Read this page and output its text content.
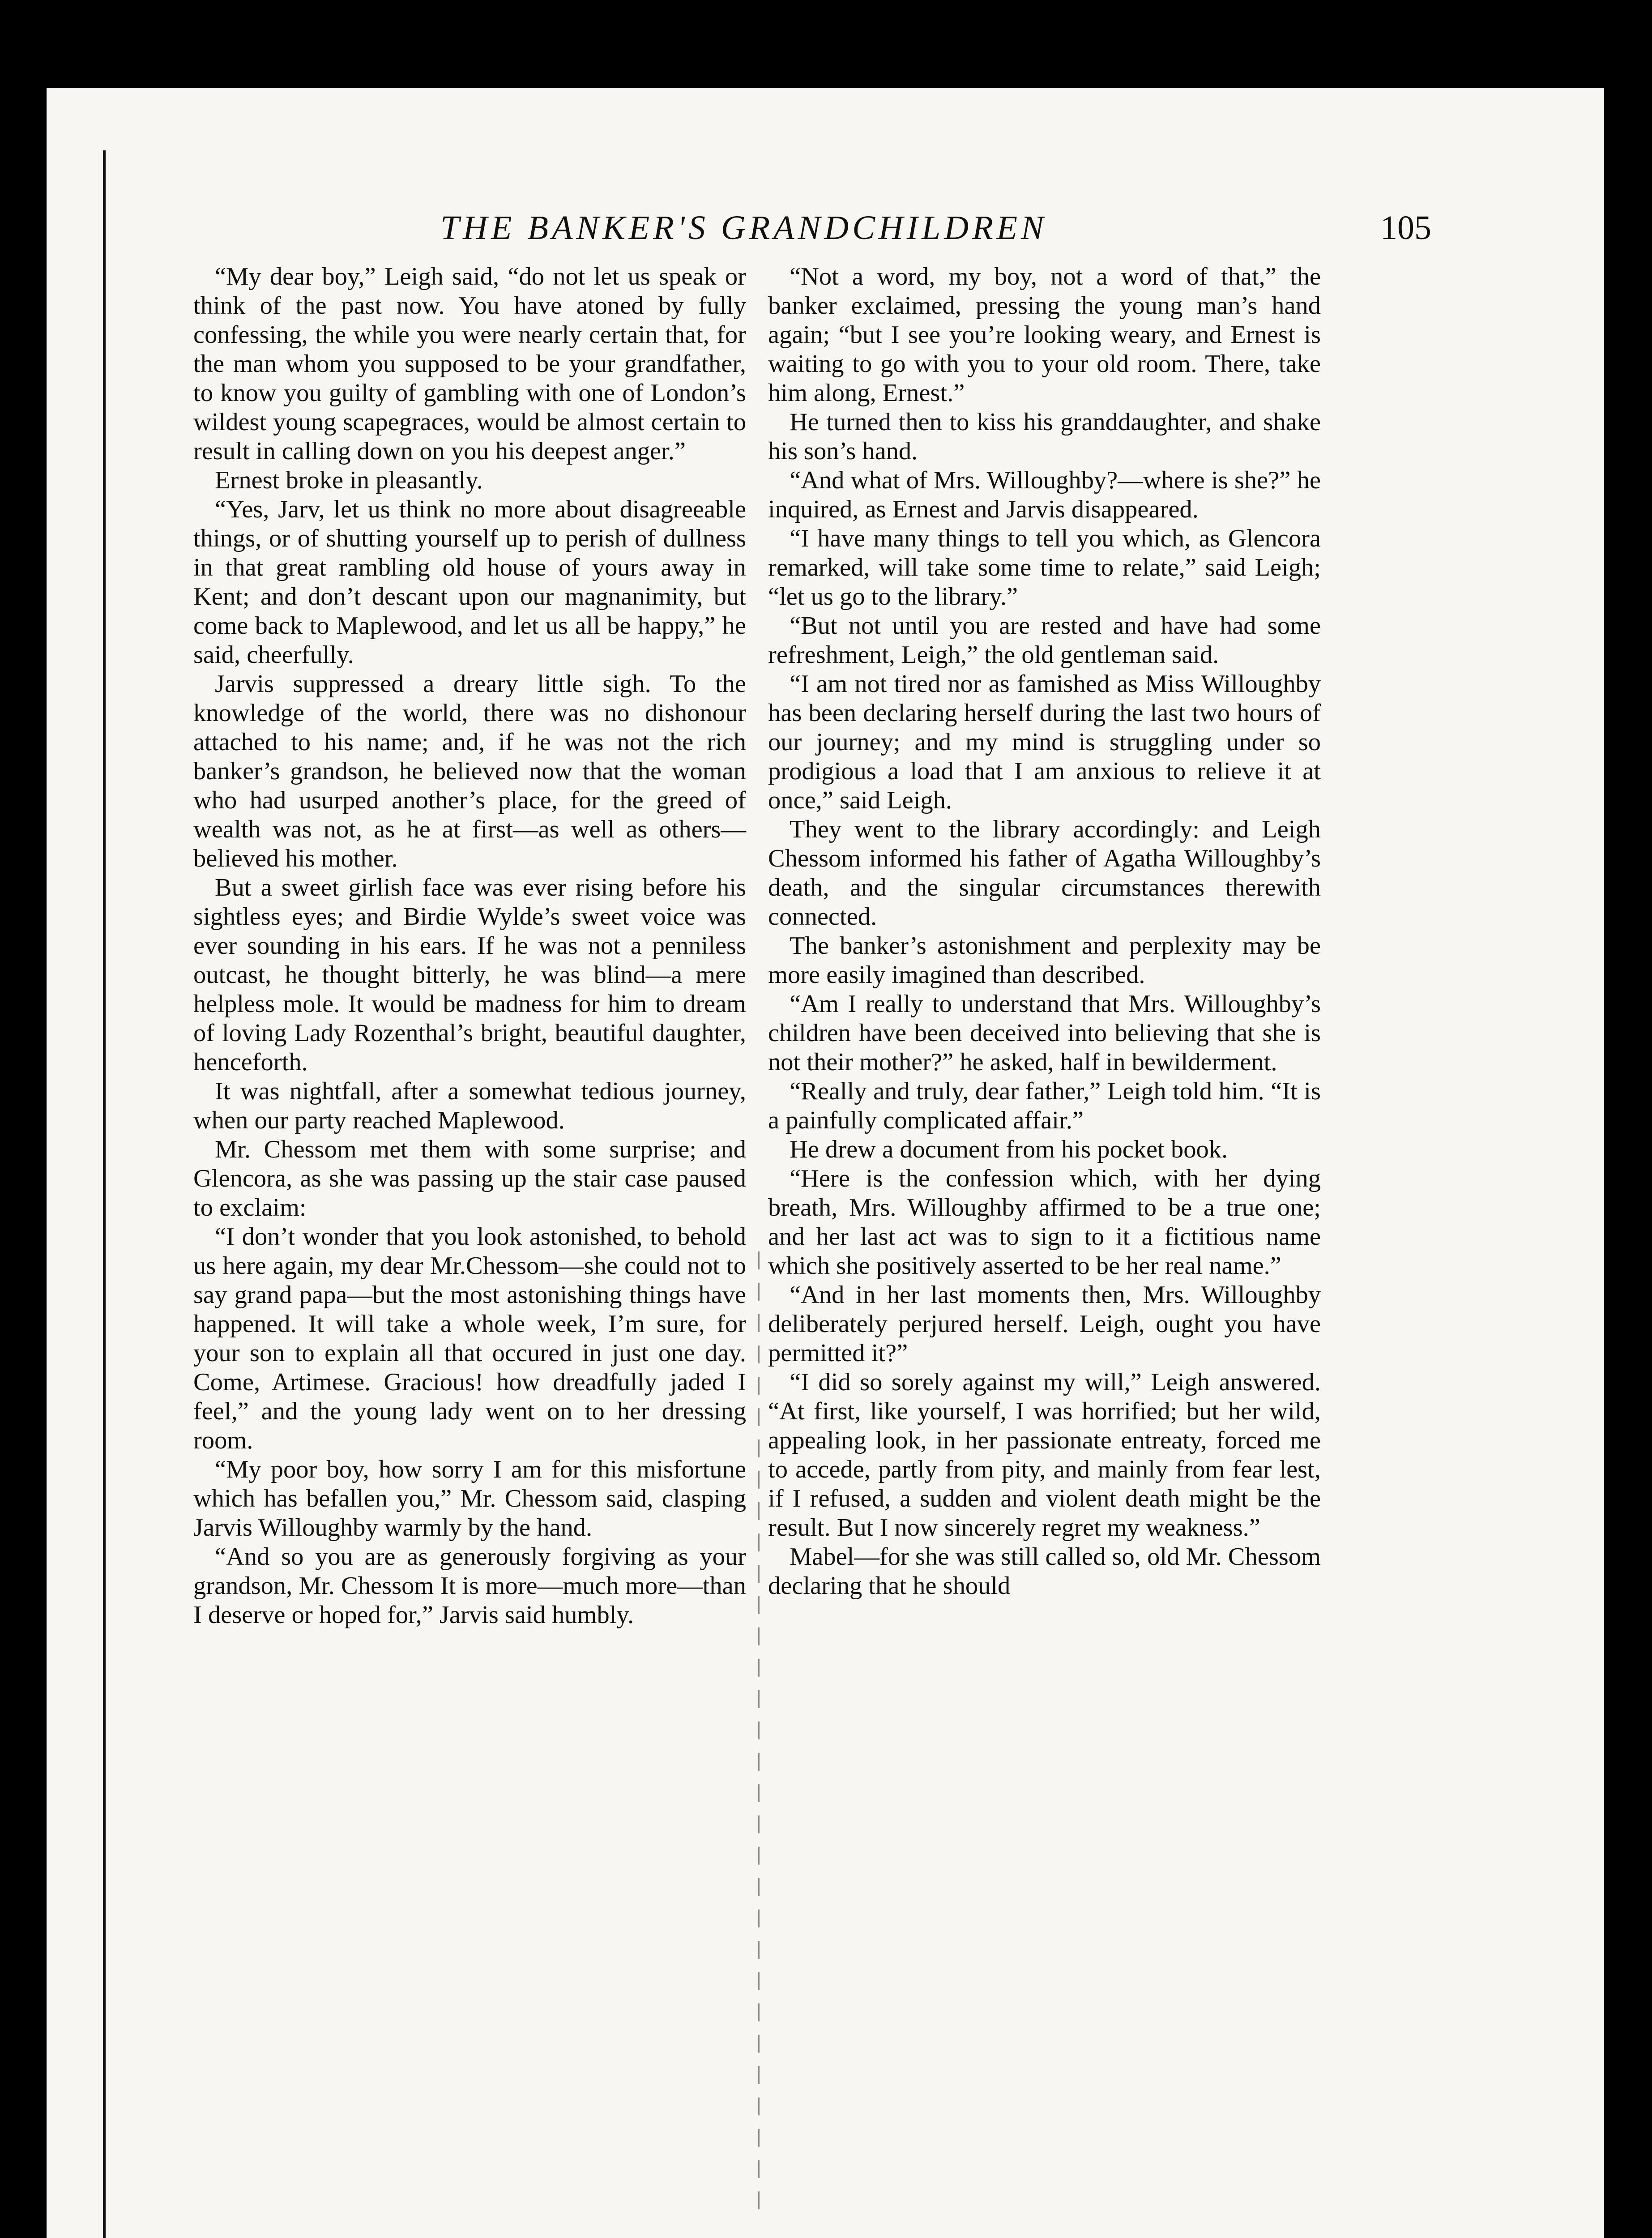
THE BANKER'S GRANDCHILDREN	105

“My dear boy,” Leigh said, “do not let us speak or think of the past now. You have atoned by fully confessing, the while you were nearly certain that, for the man whom you supposed to be your grandfather, to know you guilty of gambling with one of London’s wildest young scapegraces, would be almost certain to result in calling down on you his deepest anger.”

Ernest broke in pleasantly.

“Yes, Jarv, let us think no more about disagreeable things, or of shutting yourself up to perish of dullness in that great rambling old house of yours away in Kent; and don’t descant upon our magnanimity, but come back to Maplewood, and let us all be happy,” he said, cheerfully.

Jarvis suppressed a dreary little sigh. To the knowledge of the world, there was no dishonour attached to his name; and, if he was not the rich banker’s grandson, he believed now that the woman who had usurped another’s place, for the greed of wealth was not, as he at first—as well as others—believed his mother.

But a sweet girlish face was ever rising before his sightless eyes; and Birdie Wylde’s sweet voice was ever sounding in his ears. If he was not a penniless outcast, he thought bitterly, he was blind—a mere helpless mole. It would be madness for him to dream of loving Lady Rozenthal’s bright, beautiful daughter, henceforth.

It was nightfall, after a somewhat tedious journey, when our party reached Maplewood.

Mr. Chessom met them with some surprise; and Glencora, as she was passing up the stair case paused to exclaim:

“I don’t wonder that you look astonished, to behold us here again, my dear Mr.Chessom—she could not to say grand papa—but the most astonishing things have happened. It will take a whole week, I’m sure, for your son to explain all that occured in just one day. Come, Artimese. Gracious! how dreadfully jaded I feel,” and the young lady went on to her dressing room.

“My poor boy, how sorry I am for this misfortune which has befallen you,” Mr. Chessom said, clasping Jarvis Willoughby warmly by the hand.

“And so you are as generously forgiving as your grandson, Mr. Chessom It is more—much more—than I deserve or hoped for,” Jarvis said humbly.

“Not a word, my boy, not a word of that,” the banker exclaimed, pressing the young man’s hand again; “but I see you’re looking weary, and Ernest is waiting to go with you to your old room. There, take him along, Ernest.”

He turned then to kiss his granddaughter, and shake his son’s hand.

“And what of Mrs. Willoughby?—where is she?” he inquired, as Ernest and Jarvis disappeared.

“I have many things to tell you which, as Glencora remarked, will take some time to relate,” said Leigh; “let us go to the library.”

“But not until you are rested and have had some refreshment, Leigh,” the old gentleman said.

“I am not tired nor as famished as Miss Willoughby has been declaring herself during the last two hours of our journey; and my mind is struggling under so prodigious a load that I am anxious to relieve it at once,” said Leigh.

They went to the library accordingly: and Leigh Chessom informed his father of Agatha Willoughby’s death, and the singular circumstances therewith connected.

The banker’s astonishment and perplexity may be more easily imagined than described.

“Am I really to understand that Mrs. Willoughby’s children have been deceived into believing that she is not their mother?” he asked, half in bewilderment.

“Really and truly, dear father,” Leigh told him. “It is a painfully complicated affair.”

He drew a document from his pocket book.

“Here is the confession which, with her dying breath, Mrs. Willoughby affirmed to be a true one; and her last act was to sign to it a fictitious name which she positively asserted to be her real name.”

“And in her last moments then, Mrs. Willoughby deliberately perjured herself. Leigh, ought you have permitted it?”

“I did so sorely against my will,” Leigh answered. “At first, like yourself, I was horrified; but her wild, appealing look, in her passionate entreaty, forced me to accede, partly from pity, and mainly from fear lest, if I refused, a sudden and violent death might be the result. But I now sincerely regret my weakness.”

Mabel—for she was still called so, old Mr. Chessom declaring that he should
